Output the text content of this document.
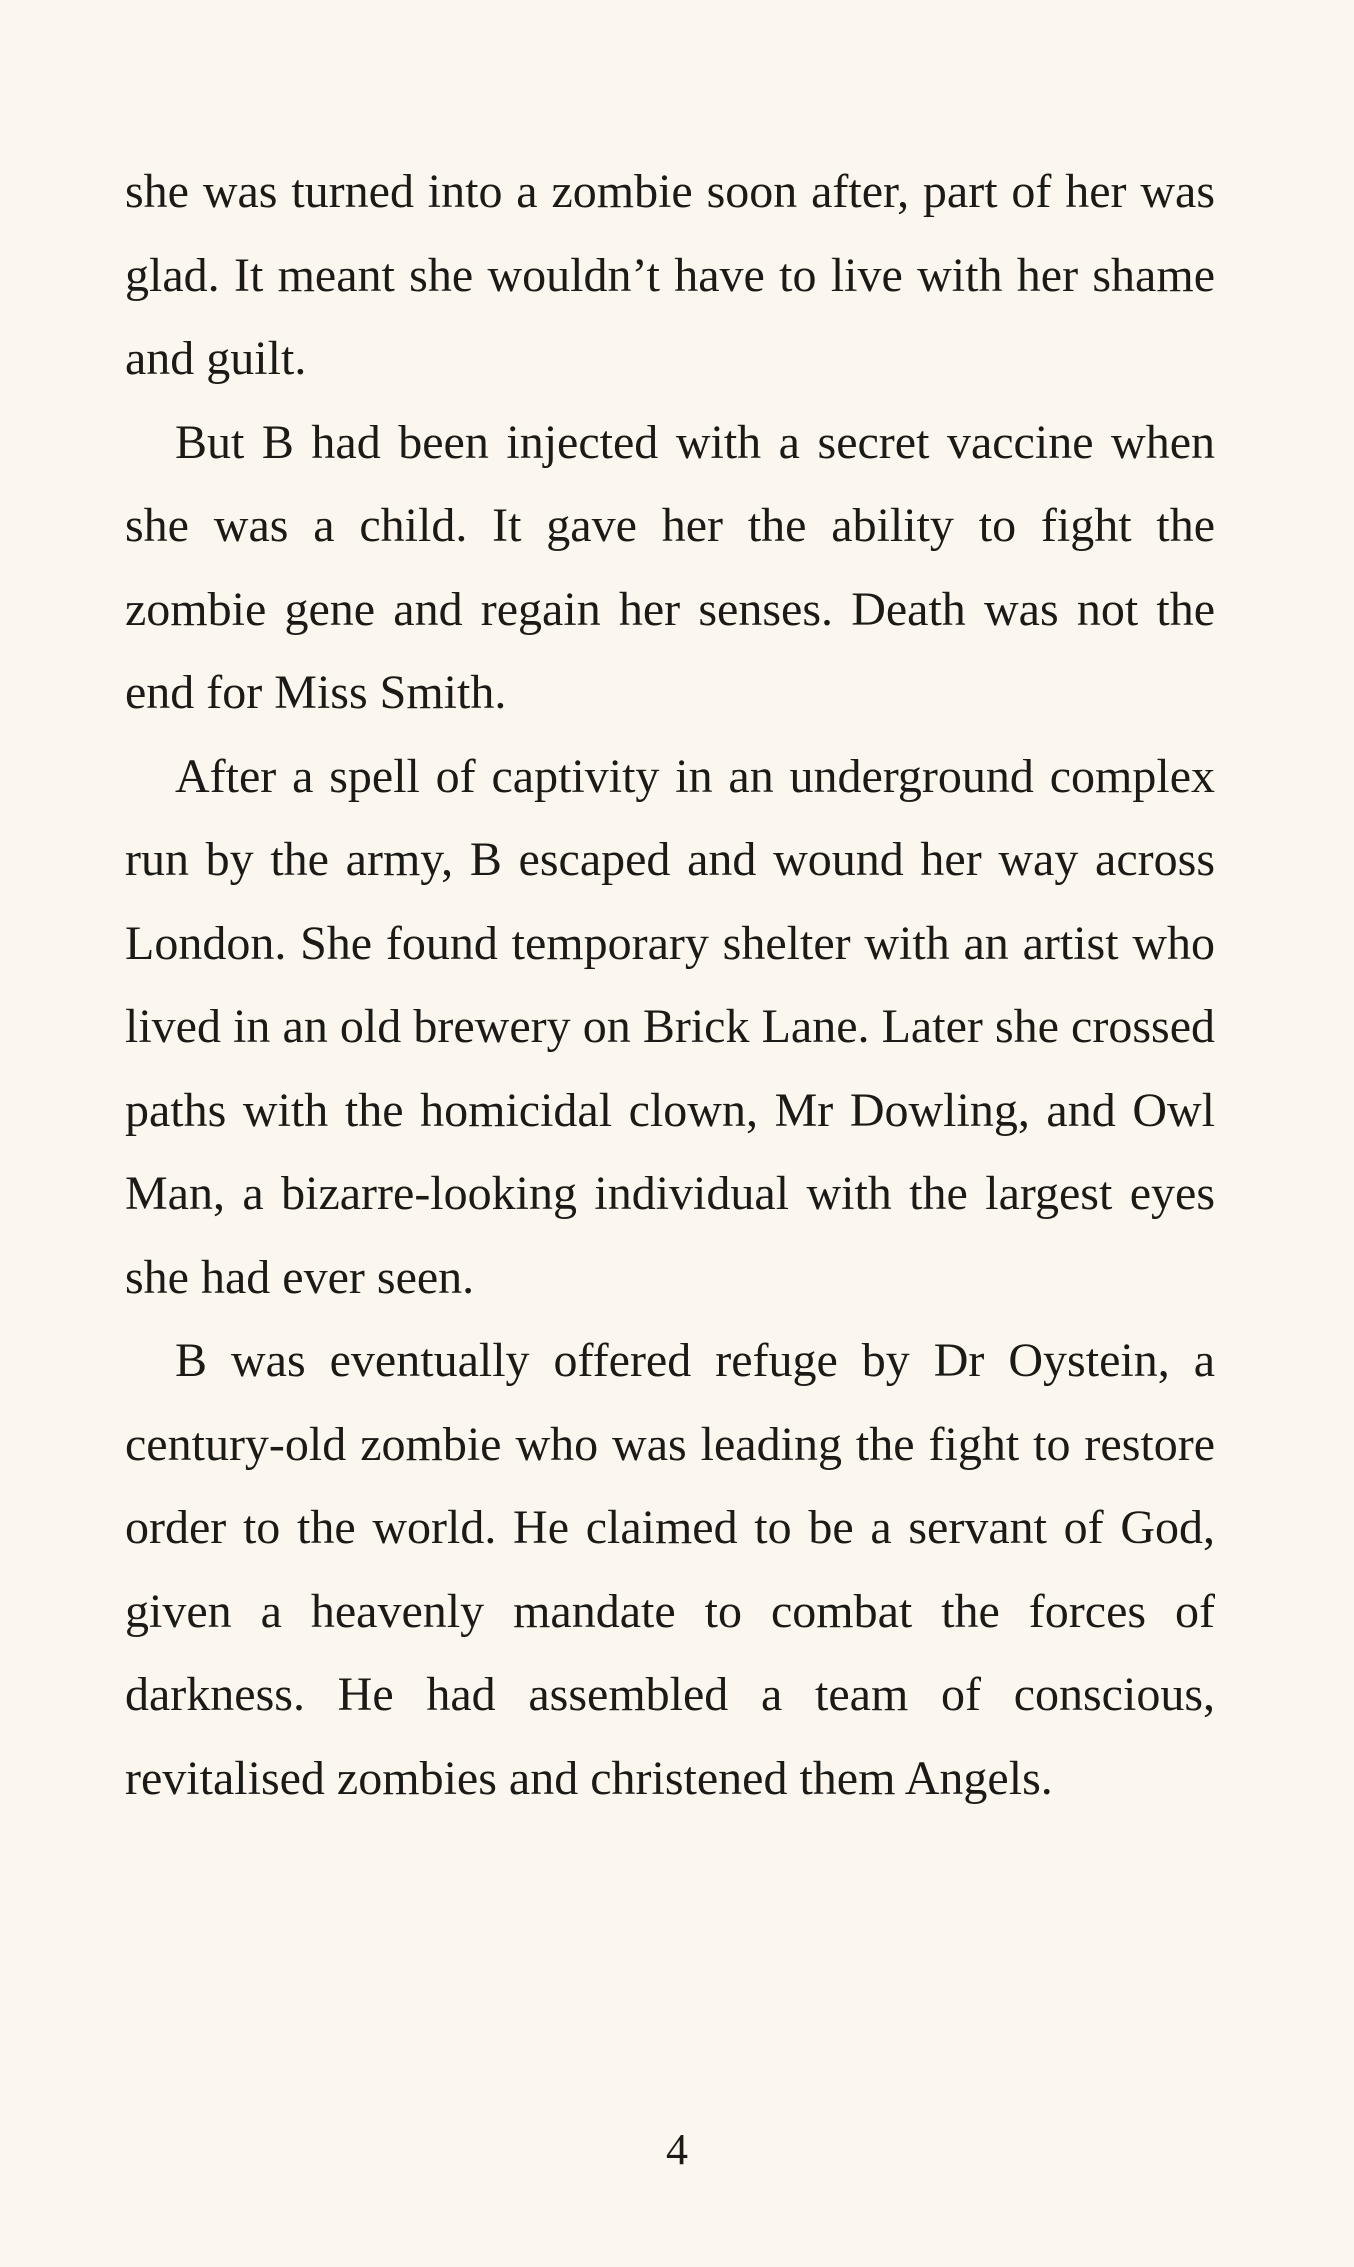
she was turned into a zombie soon after, part of her was glad. It meant she wouldn’t have to live with her shame and guilt.

But B had been injected with a secret vaccine when she was a child. It gave her the ability to fight the zombie gene and regain her senses. Death was not the end for Miss Smith.

After a spell of captivity in an underground complex run by the army, B escaped and wound her way across London. She found temporary shelter with an artist who lived in an old brewery on Brick Lane. Later she crossed paths with the homicidal clown, Mr Dowling, and Owl Man, a bizarre-looking individual with the largest eyes she had ever seen.

B was eventually offered refuge by Dr Oystein, a century-old zombie who was leading the fight to restore order to the world. He claimed to be a servant of God, given a heavenly mandate to combat the forces of darkness. He had assembled a team of conscious, revitalised zombies and christened them Angels.

4
